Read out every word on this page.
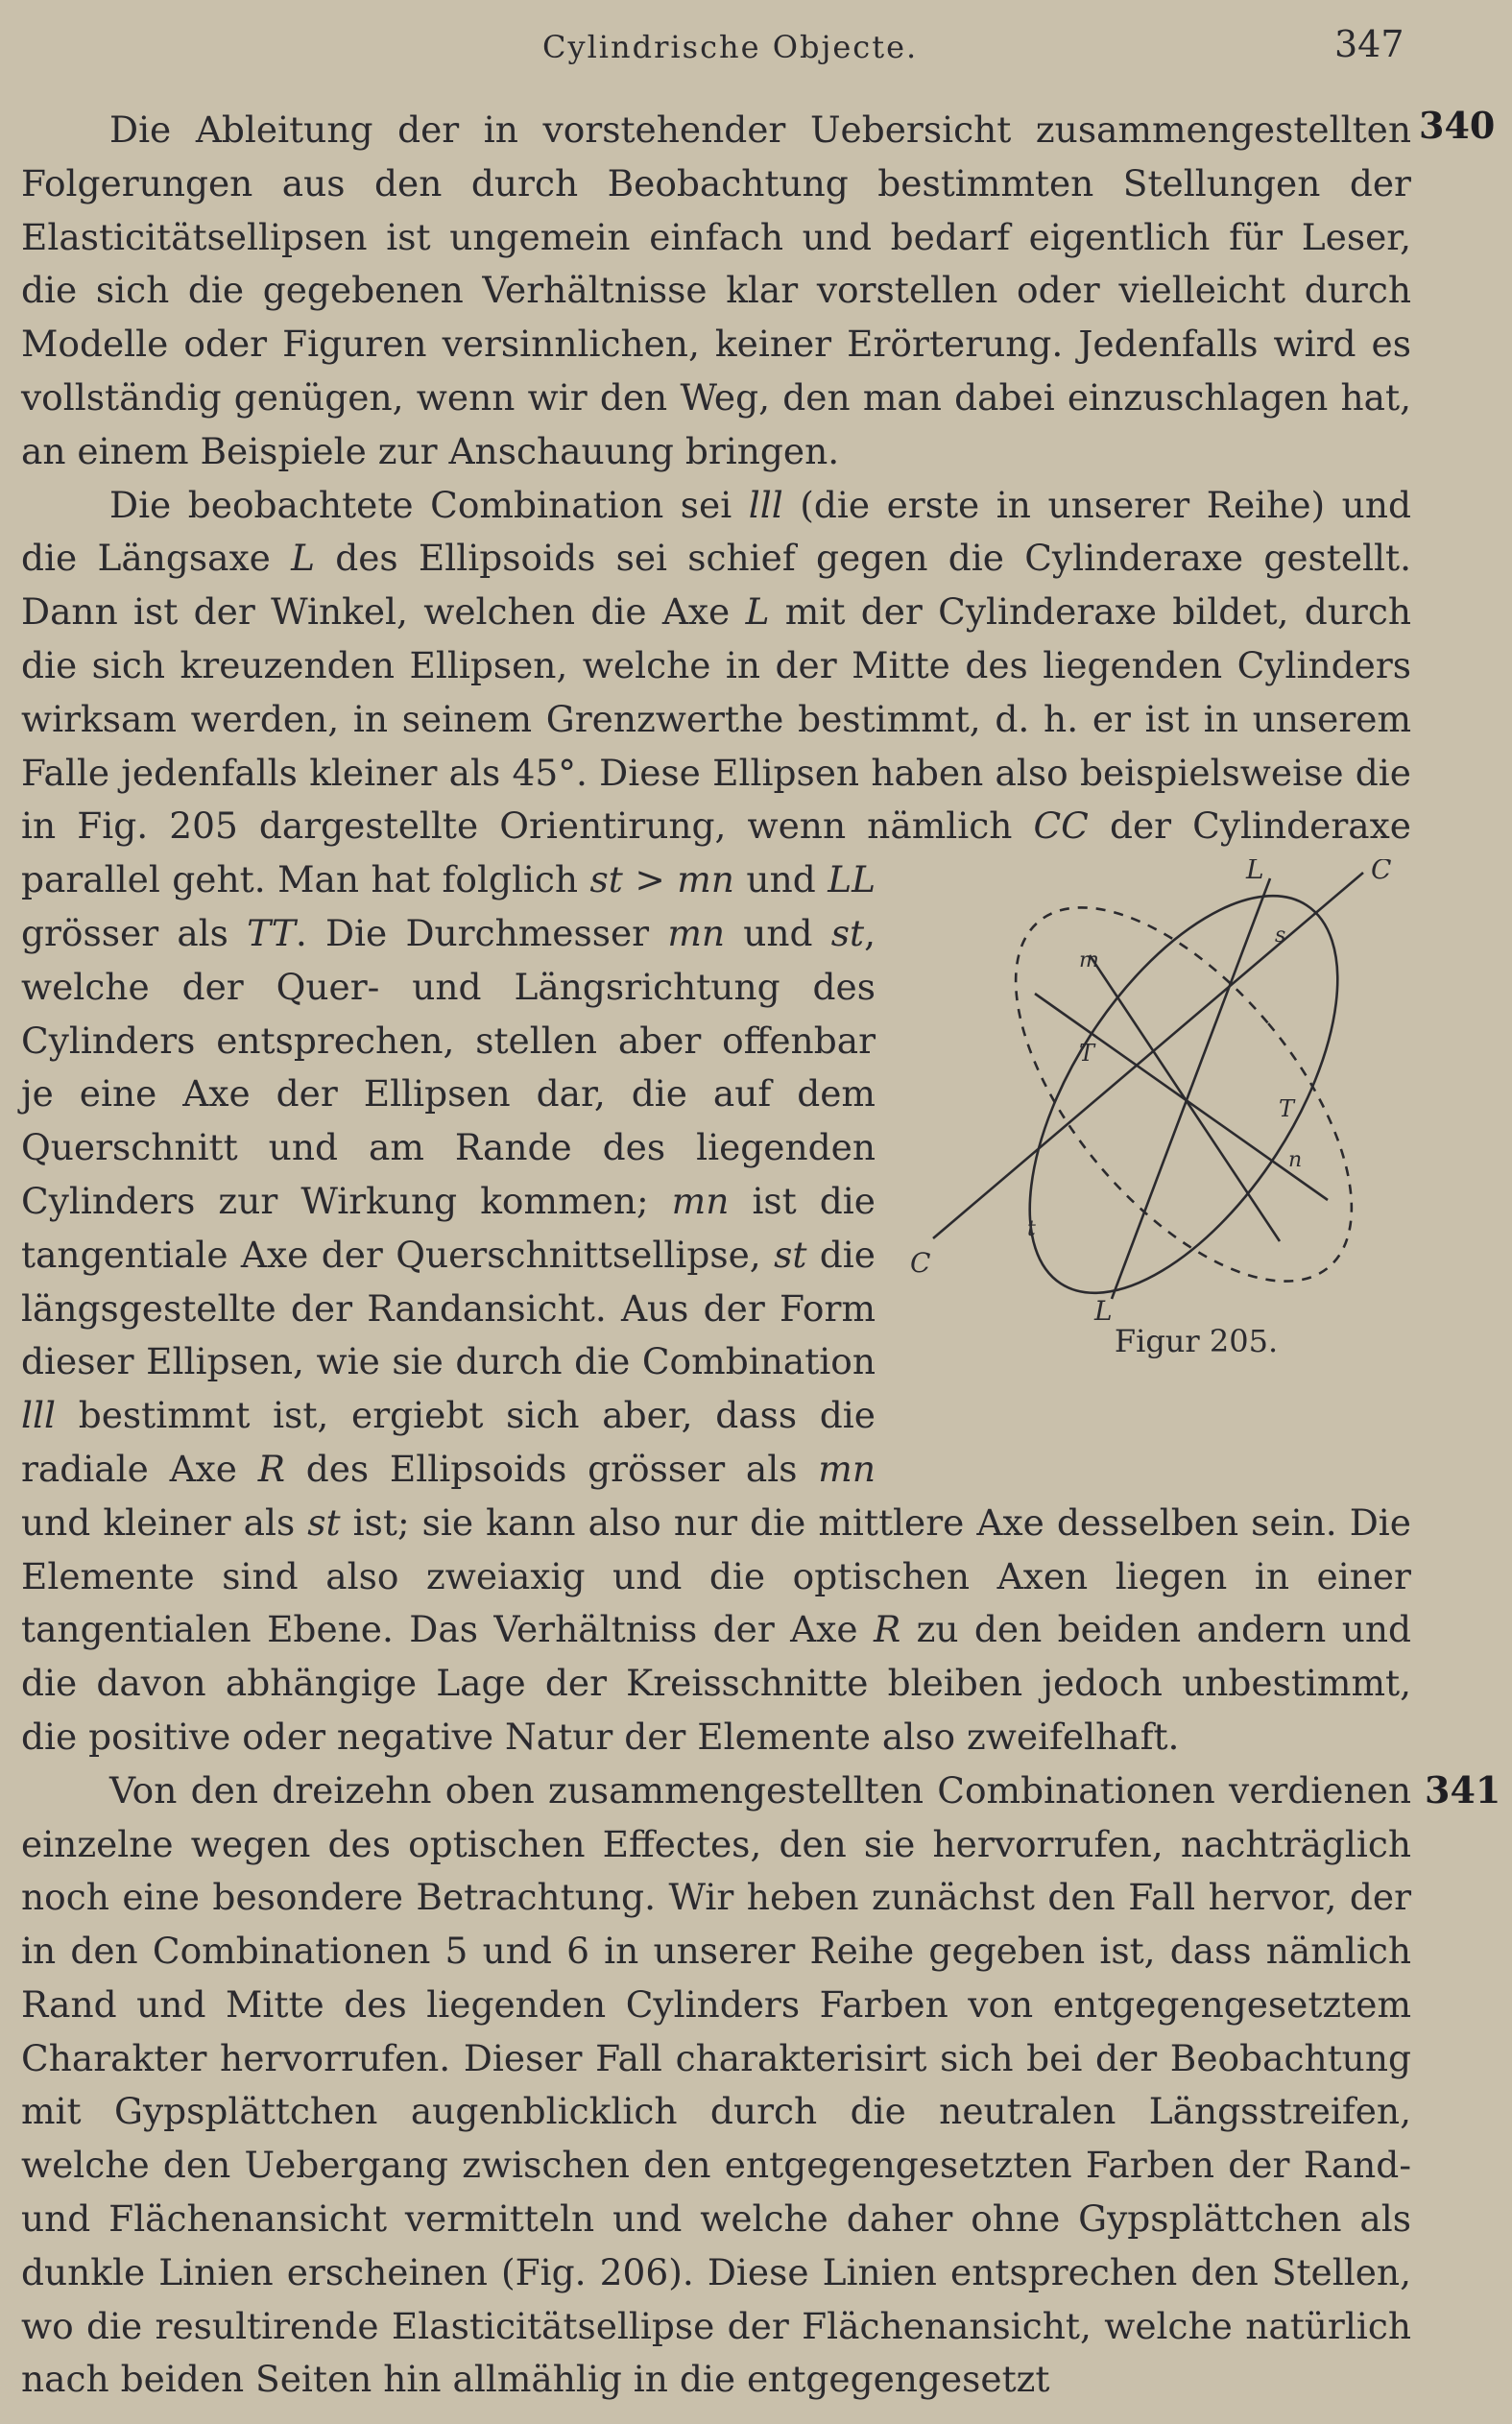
Cylindrische Objecte.	347
340
341

Die Ableitung der in vorstehender Uebersicht zusammengestellten Folgerungen aus den durch Beobachtung bestimmten Stellungen der Elasticitätsellipsen ist ungemein einfach und bedarf eigentlich für Leser, die sich die gegebenen Verhältnisse klar vorstellen oder vielleicht durch Modelle oder Figuren versinnlichen, keiner Erörterung. Jedenfalls wird es vollständig genügen, wenn wir den Weg, den man dabei einzuschlagen hat, an einem Beispiele zur Anschauung bringen.

Die beobachtete Combination sei lll (die erste in unserer Reihe) und die Längsaxe L des Ellipsoids sei schief gegen die Cylinderaxe gestellt. Dann ist der Winkel, welchen die Axe L mit der Cylinderaxe bildet, durch die sich kreuzenden Ellipsen, welche in der Mitte des liegenden Cylinders wirksam werden, in seinem Grenzwerthe bestimmt, d. h. er ist in unserem Falle jedenfalls kleiner als 45°. Diese Ellipsen haben also beispielsweise die in Fig. 205 dargestellte Orientirung, wenn nämlich CC der Cylinderaxe parallel geht. Man hat folglich	L	C
s
m
T
T
n
t
C
L
Figur 205.
st > mn und LL grösser als TT. Die Durchmesser mn und st, welche der Quer- und Längsrichtung des Cylinders entsprechen, stellen aber offenbar je eine Axe der Ellipsen dar, die auf dem Querschnitt und am Rande des liegenden Cylinders zur Wirkung kommen; mn ist die tangentiale Axe der Querschnittsellipse, st die längsgestellte der Randansicht. Aus der Form dieser Ellipsen, wie sie durch die Combination lll bestimmt ist, ergiebt sich aber, dass die radiale Axe R des Ellipsoids grösser als mn und kleiner als st ist; sie kann also nur die mittlere Axe desselben sein. Die Elemente sind also zweiaxig und die optischen Axen liegen in einer tangentialen Ebene. Das Verhältniss der Axe R zu den beiden andern und die davon abhängige Lage der Kreisschnitte bleiben jedoch unbestimmt, die positive oder negative Natur der Elemente also zweifelhaft.

Von den dreizehn oben zusammengestellten Combinationen verdienen einzelne wegen des optischen Effectes, den sie hervorrufen, nachträglich noch eine besondere Betrachtung. Wir heben zunächst den Fall hervor, der in den Combinationen 5 und 6 in unserer Reihe gegeben ist, dass nämlich Rand und Mitte des liegenden Cylinders Farben von entgegengesetztem Charakter hervorrufen. Dieser Fall charakterisirt sich bei der Beobachtung mit Gypsplättchen augenblicklich durch die neutralen Längsstreifen, welche den Uebergang zwischen den entgegengesetzten Farben der Rand- und Flächenansicht vermitteln und welche daher ohne Gypsplättchen als dunkle Linien erscheinen (Fig. 206). Diese Linien entsprechen den Stellen, wo die resultirende Elasticitätsellipse der Flächenansicht, welche natürlich nach beiden Seiten hin allmählig in die entgegengesetzt
